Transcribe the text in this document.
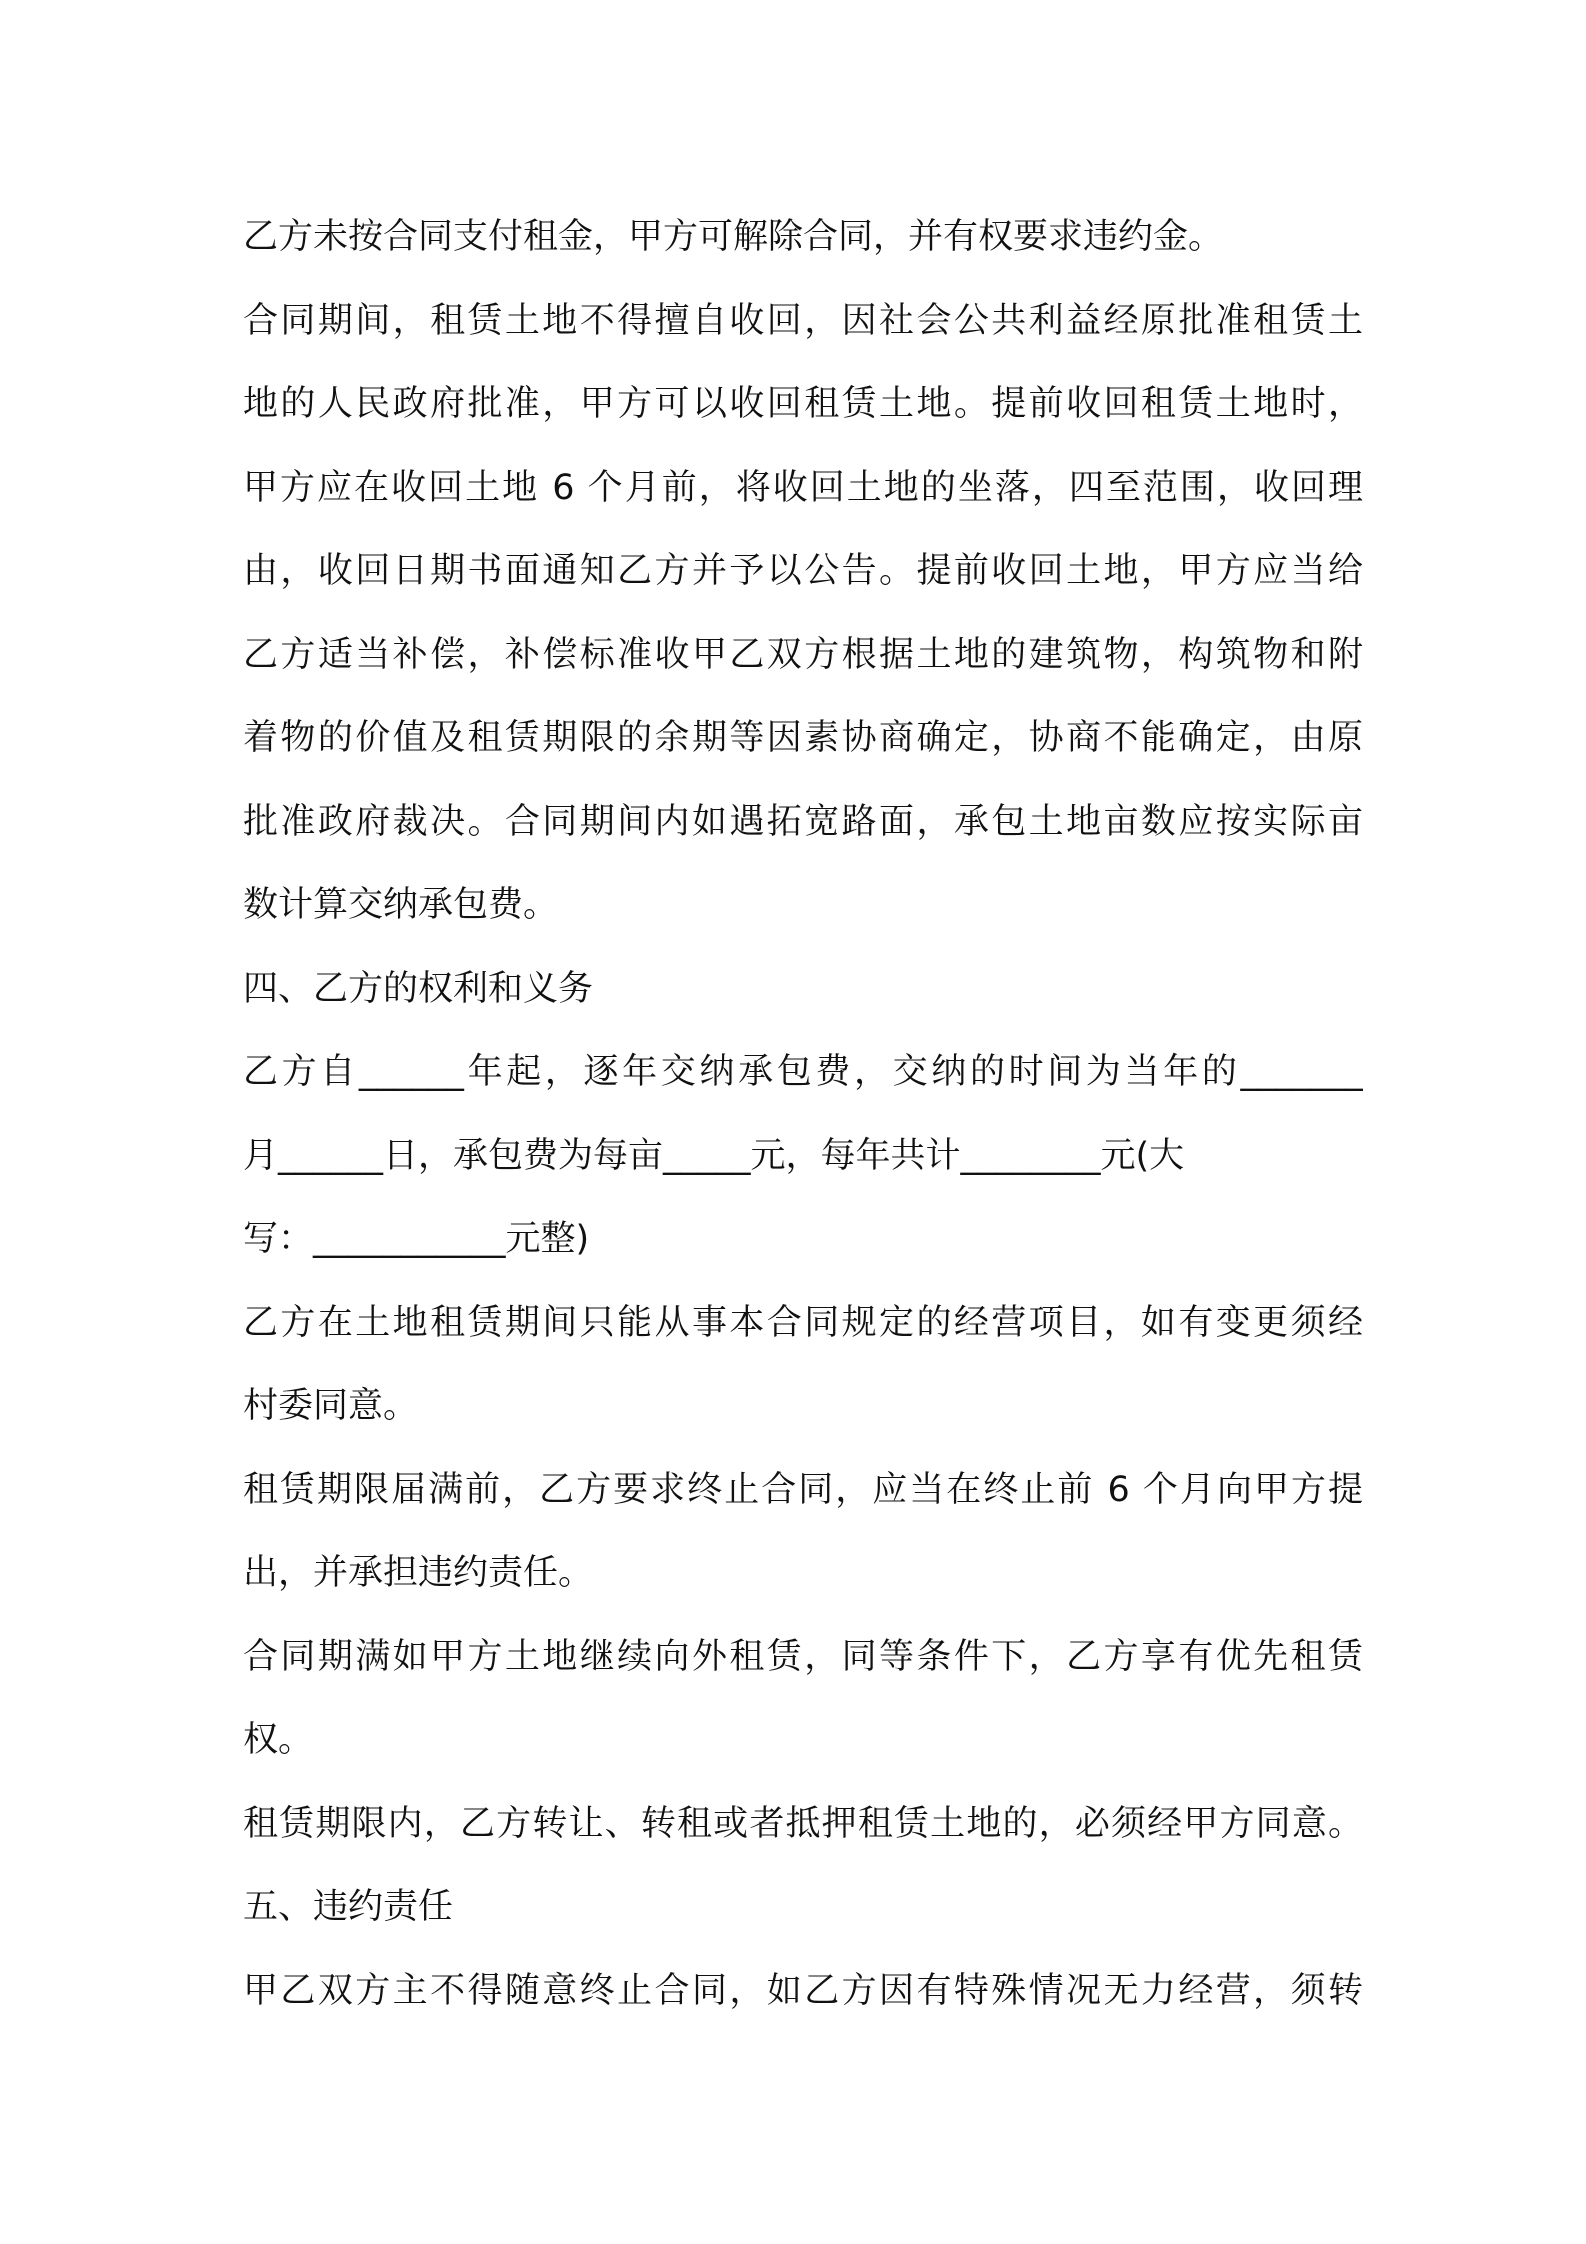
乙方未按合同支付租金，甲方可解除合同，并有权要求违约金。
合同期间，租赁土地不得擅自收回，因社会公共利益经原批准租赁土
地的人民政府批准，甲方可以收回租赁土地。提前收回租赁土地时，
甲方应在收回土地 6 个月前，将收回土地的坐落，四至范围，收回理
由，收回日期书面通知乙方并予以公告。提前收回土地，甲方应当给
乙方适当补偿，补偿标准收甲乙双方根据土地的建筑物，构筑物和附
着物的价值及租赁期限的余期等因素协商确定，协商不能确定，由原
批准政府裁决。合同期间内如遇拓宽路面，承包土地亩数应按实际亩
数计算交纳承包费。
四、乙方的权利和义务
乙方自______年起，逐年交纳承包费，交纳的时间为当年的_______
月______日，承包费为每亩_____元，每年共计________元(大
写：___________元整)
乙方在土地租赁期间只能从事本合同规定的经营项目，如有变更须经
村委同意。
租赁期限届满前，乙方要求终止合同，应当在终止前 6 个月向甲方提
出，并承担违约责任。
合同期满如甲方土地继续向外租赁，同等条件下，乙方享有优先租赁
权。
租赁期限内，乙方转让、转租或者抵押租赁土地的，必须经甲方同意。
五、违约责任
甲乙双方主不得随意终止合同，如乙方因有特殊情况无力经营，须转
